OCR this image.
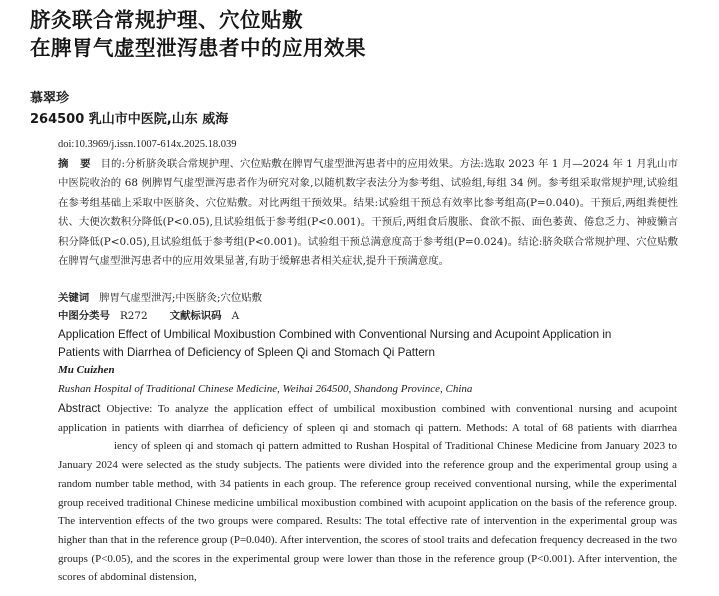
脐灸联合常规护理、穴位贴敷
在脾胃气虚型泄泻患者中的应用效果
慕翠珍
264500 乳山市中医院,山东 威海
doi:10.3969/j.issn.1007-614x.2025.18.039
摘 要 目的:分析脐灸联合常规护理、穴位贴敷在脾胃气虚型泄泻患者中的应用效果。方法:选取 2023 年 1 月—2024 年 1 月乳山市中医院收治的 68 例脾胃气虚型泄泻患者作为研究对象,以随机数字表法分为参考组、试验组,每组 34 例。参考组采取常规护理,试验组在参考组基础上采取中医脐灸、穴位贴敷。对比两组干预效果。结果:试验组干预总有效率比参考组高(P=0.040)。干预后,两组粪便性状、大便次数积分降低(P<0.05),且试验组低于参考组(P<0.001)。干预后,两组食后腹胀、食欲不振、面色萎黄、倦怠乏力、神疲懒言积分降低(P<0.05),且试验组低于参考组(P<0.001)。试验组干预总满意度高于参考组(P=0.024)。结论:脐灸联合常规护理、穴位贴敷在脾胃气虚型泄泻患者中的应用效果显著,有助于缓解患者相关症状,提升干预满意度。
关键词 脾胃气虚型泄泻;中医脐灸;穴位贴敷
中图分类号 R272 文献标识码 A
Application Effect of Umbilical Moxibustion Combined with Conventional Nursing and Acupoint Application in
Patients with Diarrhea of Deficiency of Spleen Qi and Stomach Qi Pattern
Mu Cuizhen
Rushan Hospital of Traditional Chinese Medicine, Weihai 264500, Shandong Province, China
Abstract Objective: To analyze the application effect of umbilical moxibustion combined with conventional nursing and acupoint application in patients with diarrhea of deficiency of spleen qi and stomach qi pattern. Methods: A total of 68 patients with diarrhea iency of spleen qi and stomach qi pattern admitted to Rushan Hospital of Traditional Chinese Medicine from January 2023 to January 2024 were selected as the study subjects. The patients were divided into the reference group and the experimental group using a random number table method, with 34 patients in each group. The reference group received conventional nursing, while the experimental group received traditional Chinese medicine umbilical moxibustion combined with acupoint application on the basis of the reference group. The intervention effects of the two groups were compared. Results: The total effective rate of intervention in the experimental group was higher than that in the reference group (P=0.040). After intervention, the scores of stool traits and defecation frequency decreased in the two groups (P<0.05), and the scores in the experimental group were lower than those in the reference group (P<0.001). After intervention, the scores of abdominal distension,
